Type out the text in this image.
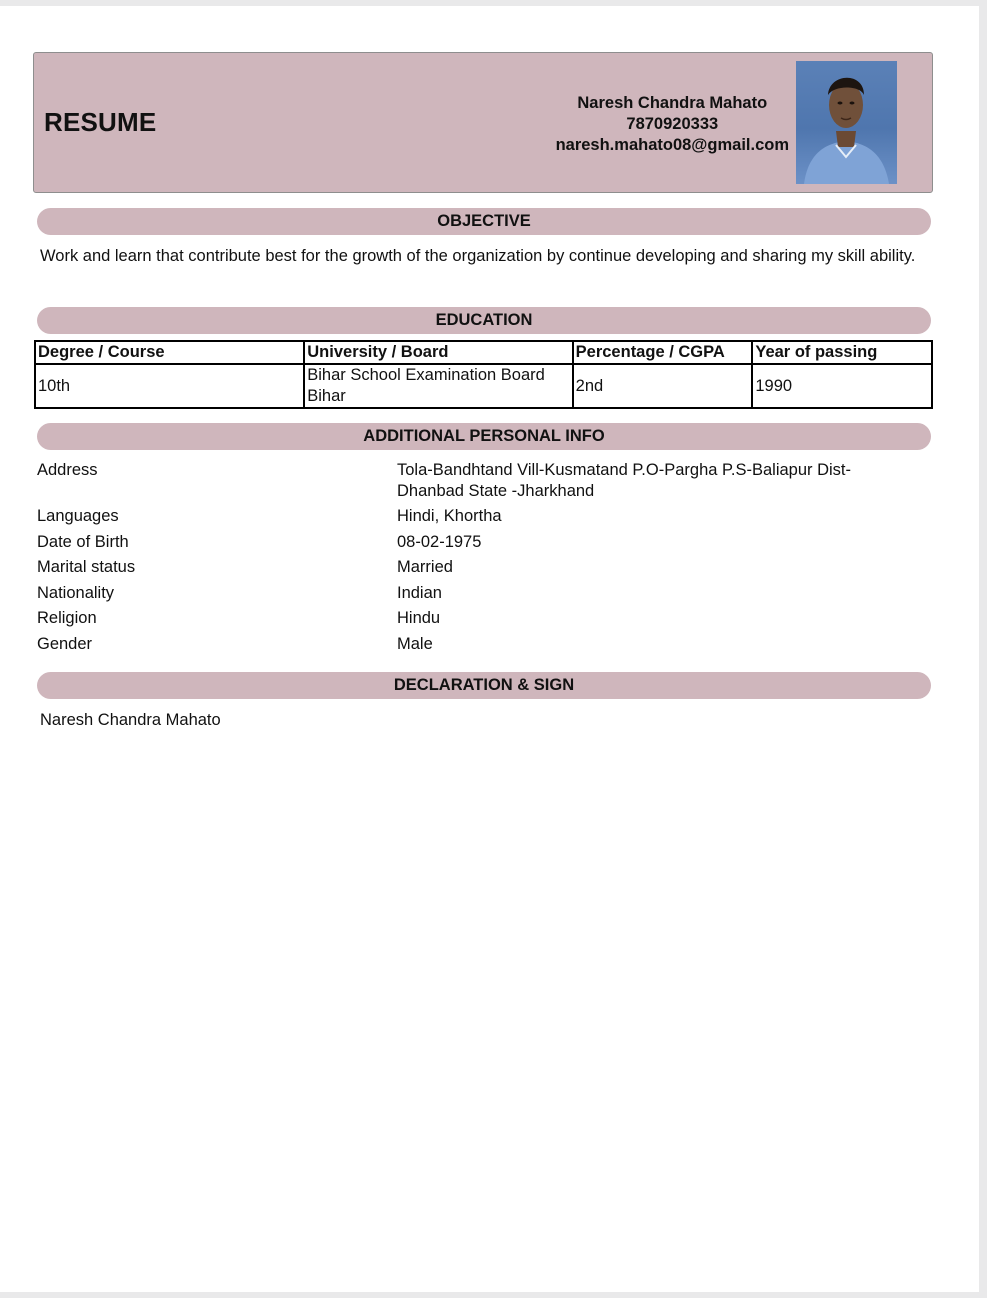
RESUME
Naresh Chandra Mahato
7870920333
naresh.mahato08@gmail.com
OBJECTIVE
Work and learn that contribute best for the growth of the organization by continue developing and sharing my skill ability.
EDUCATION
Degree / Course	University / Board	Percentage / CGPA	Year of passing
10th	Bihar School Examination Board Bihar	2nd	1990
ADDITIONAL PERSONAL INFO
Address	Tola-Bandhtand Vill-Kusmatand P.O-Pargha P.S-Baliapur Dist-Dhanbad State -Jharkhand
Languages	Hindi, Khortha
Date of Birth	08-02-1975
Marital status	Married
Nationality	Indian
Religion	Hindu
Gender	Male
DECLARATION & SIGN
Naresh Chandra Mahato
